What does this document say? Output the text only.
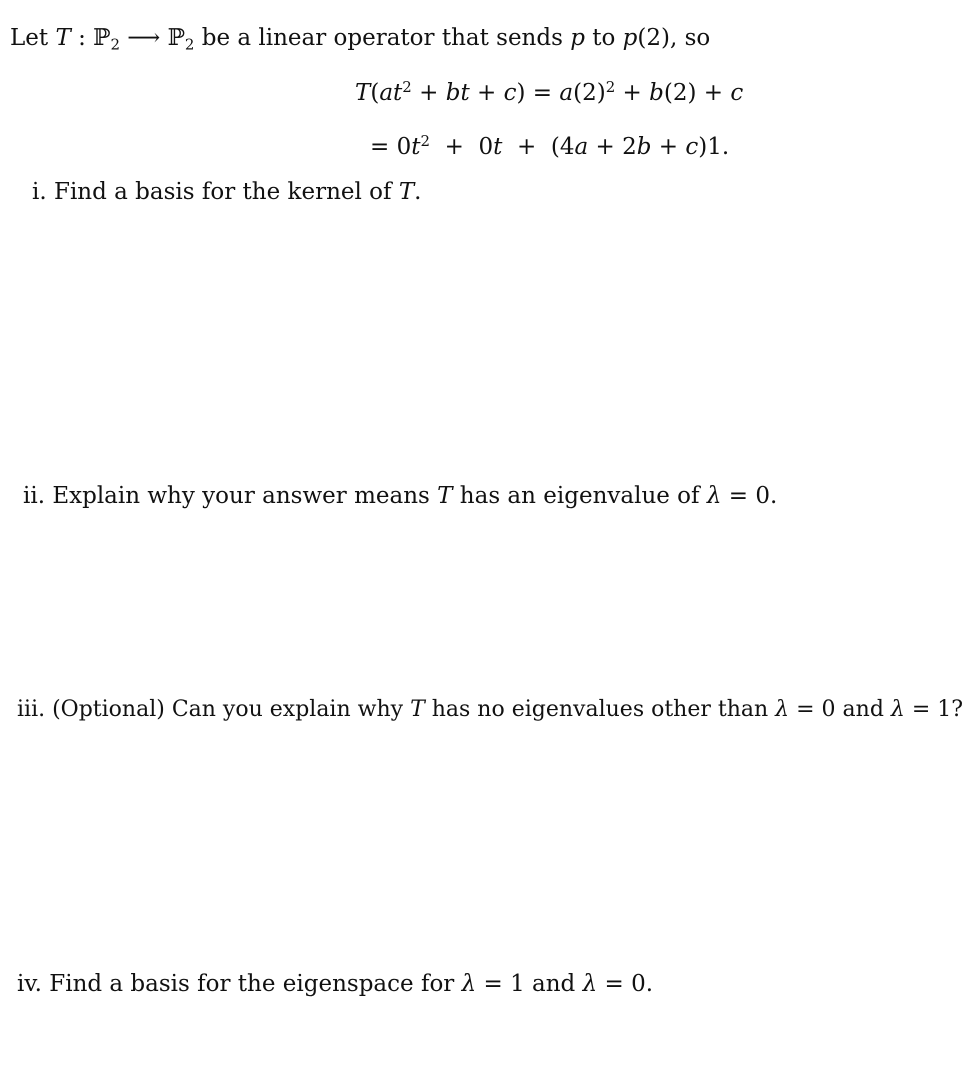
Let T : ℙ$_2$ ⟶ ℙ$_2$ be a linear operator that sends p to p(2), so
$T(at^2$ + bt + $c) = a(2)^2 + b(2) + c$
= $0t^2 + 0t + (4a + 2b + c)1$.
i. Find a basis for the kernel of T.
ii. Explain why your answer means T has an eigenvalue of λ = 0.
iii. (Optional) Can you explain why T has no eigenvalues other than λ = 0 and λ = 1?
iv. Find a basis for the eigenspace for λ = 1 and λ = 0.
